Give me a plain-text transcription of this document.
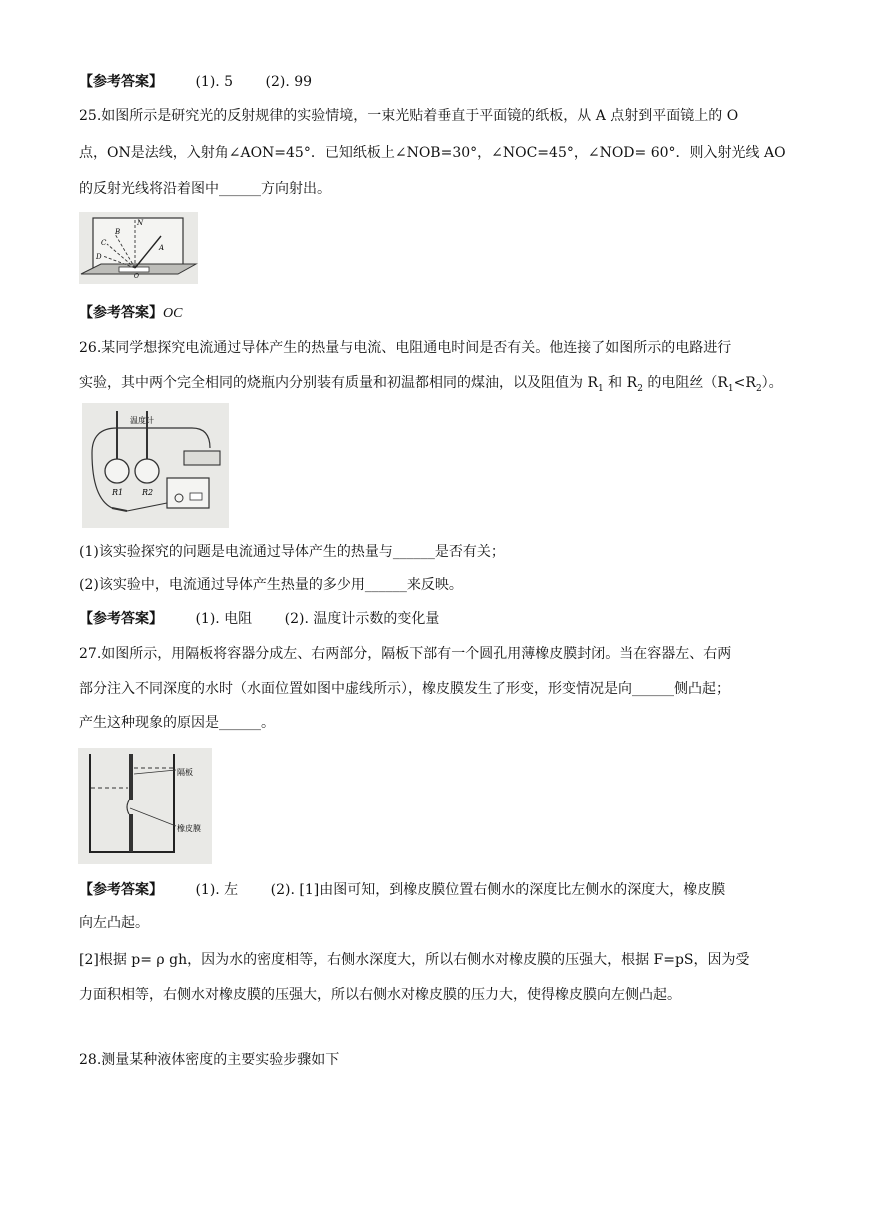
【参考答案】 (1). 5 (2). 99
25.如图所示是研究光的反射规律的实验情境，一束光贴着垂直于平面镜的纸板，从 A 点射到平面镜上的 O
点，ON是法线，入射角∠AON=45°．已知纸板上∠NOB=30°，∠NOC=45°，∠NOD= 60°．则入射光线 AO
的反射光线将沿着图中______方向射出。
N
B
C
D
A
O
【参考答案】OC
26.某同学想探究电流通过导体产生的热量与电流、电阻通电时间是否有关。他连接了如图所示的电路进行
实验，其中两个完全相同的烧瓶内分别装有质量和初温都相同的煤油，以及阻值为 $R_1$ 和 $R_2$ 的电阻丝$(R_1<R_2)$。
温度计
R1 R2
(1)该实验探究的问题是电流通过导体产生的热量与______是否有关；
(2)该实验中，电流通过导体产生热量的多少用______来反映。
【参考答案】 (1). 电阻 (2). 温度计示数的变化量
27.如图所示，用隔板将容器分成左、右两部分，隔板下部有一个圆孔用薄橡皮膜封闭。当在容器左、右两
部分注入不同深度的水时（水面位置如图中虚线所示），橡皮膜发生了形变，形变情况是向______侧凸起；
产生这种现象的原因是______。
隔板
橡皮膜
【参考答案】 (1). 左 (2). [1]由图可知，到橡皮膜位置右侧水的深度比左侧水的深度大，橡皮膜
向左凸起。
[2]根据 p= ρ gh，因为水的密度相等，右侧水深度大，所以右侧水对橡皮膜的压强大，根据 F=pS，因为受
力面积相等，右侧水对橡皮膜的压强大，所以右侧水对橡皮膜的压力大，使得橡皮膜向左侧凸起。
28.测量某种液体密度的主要实验步骤如下
